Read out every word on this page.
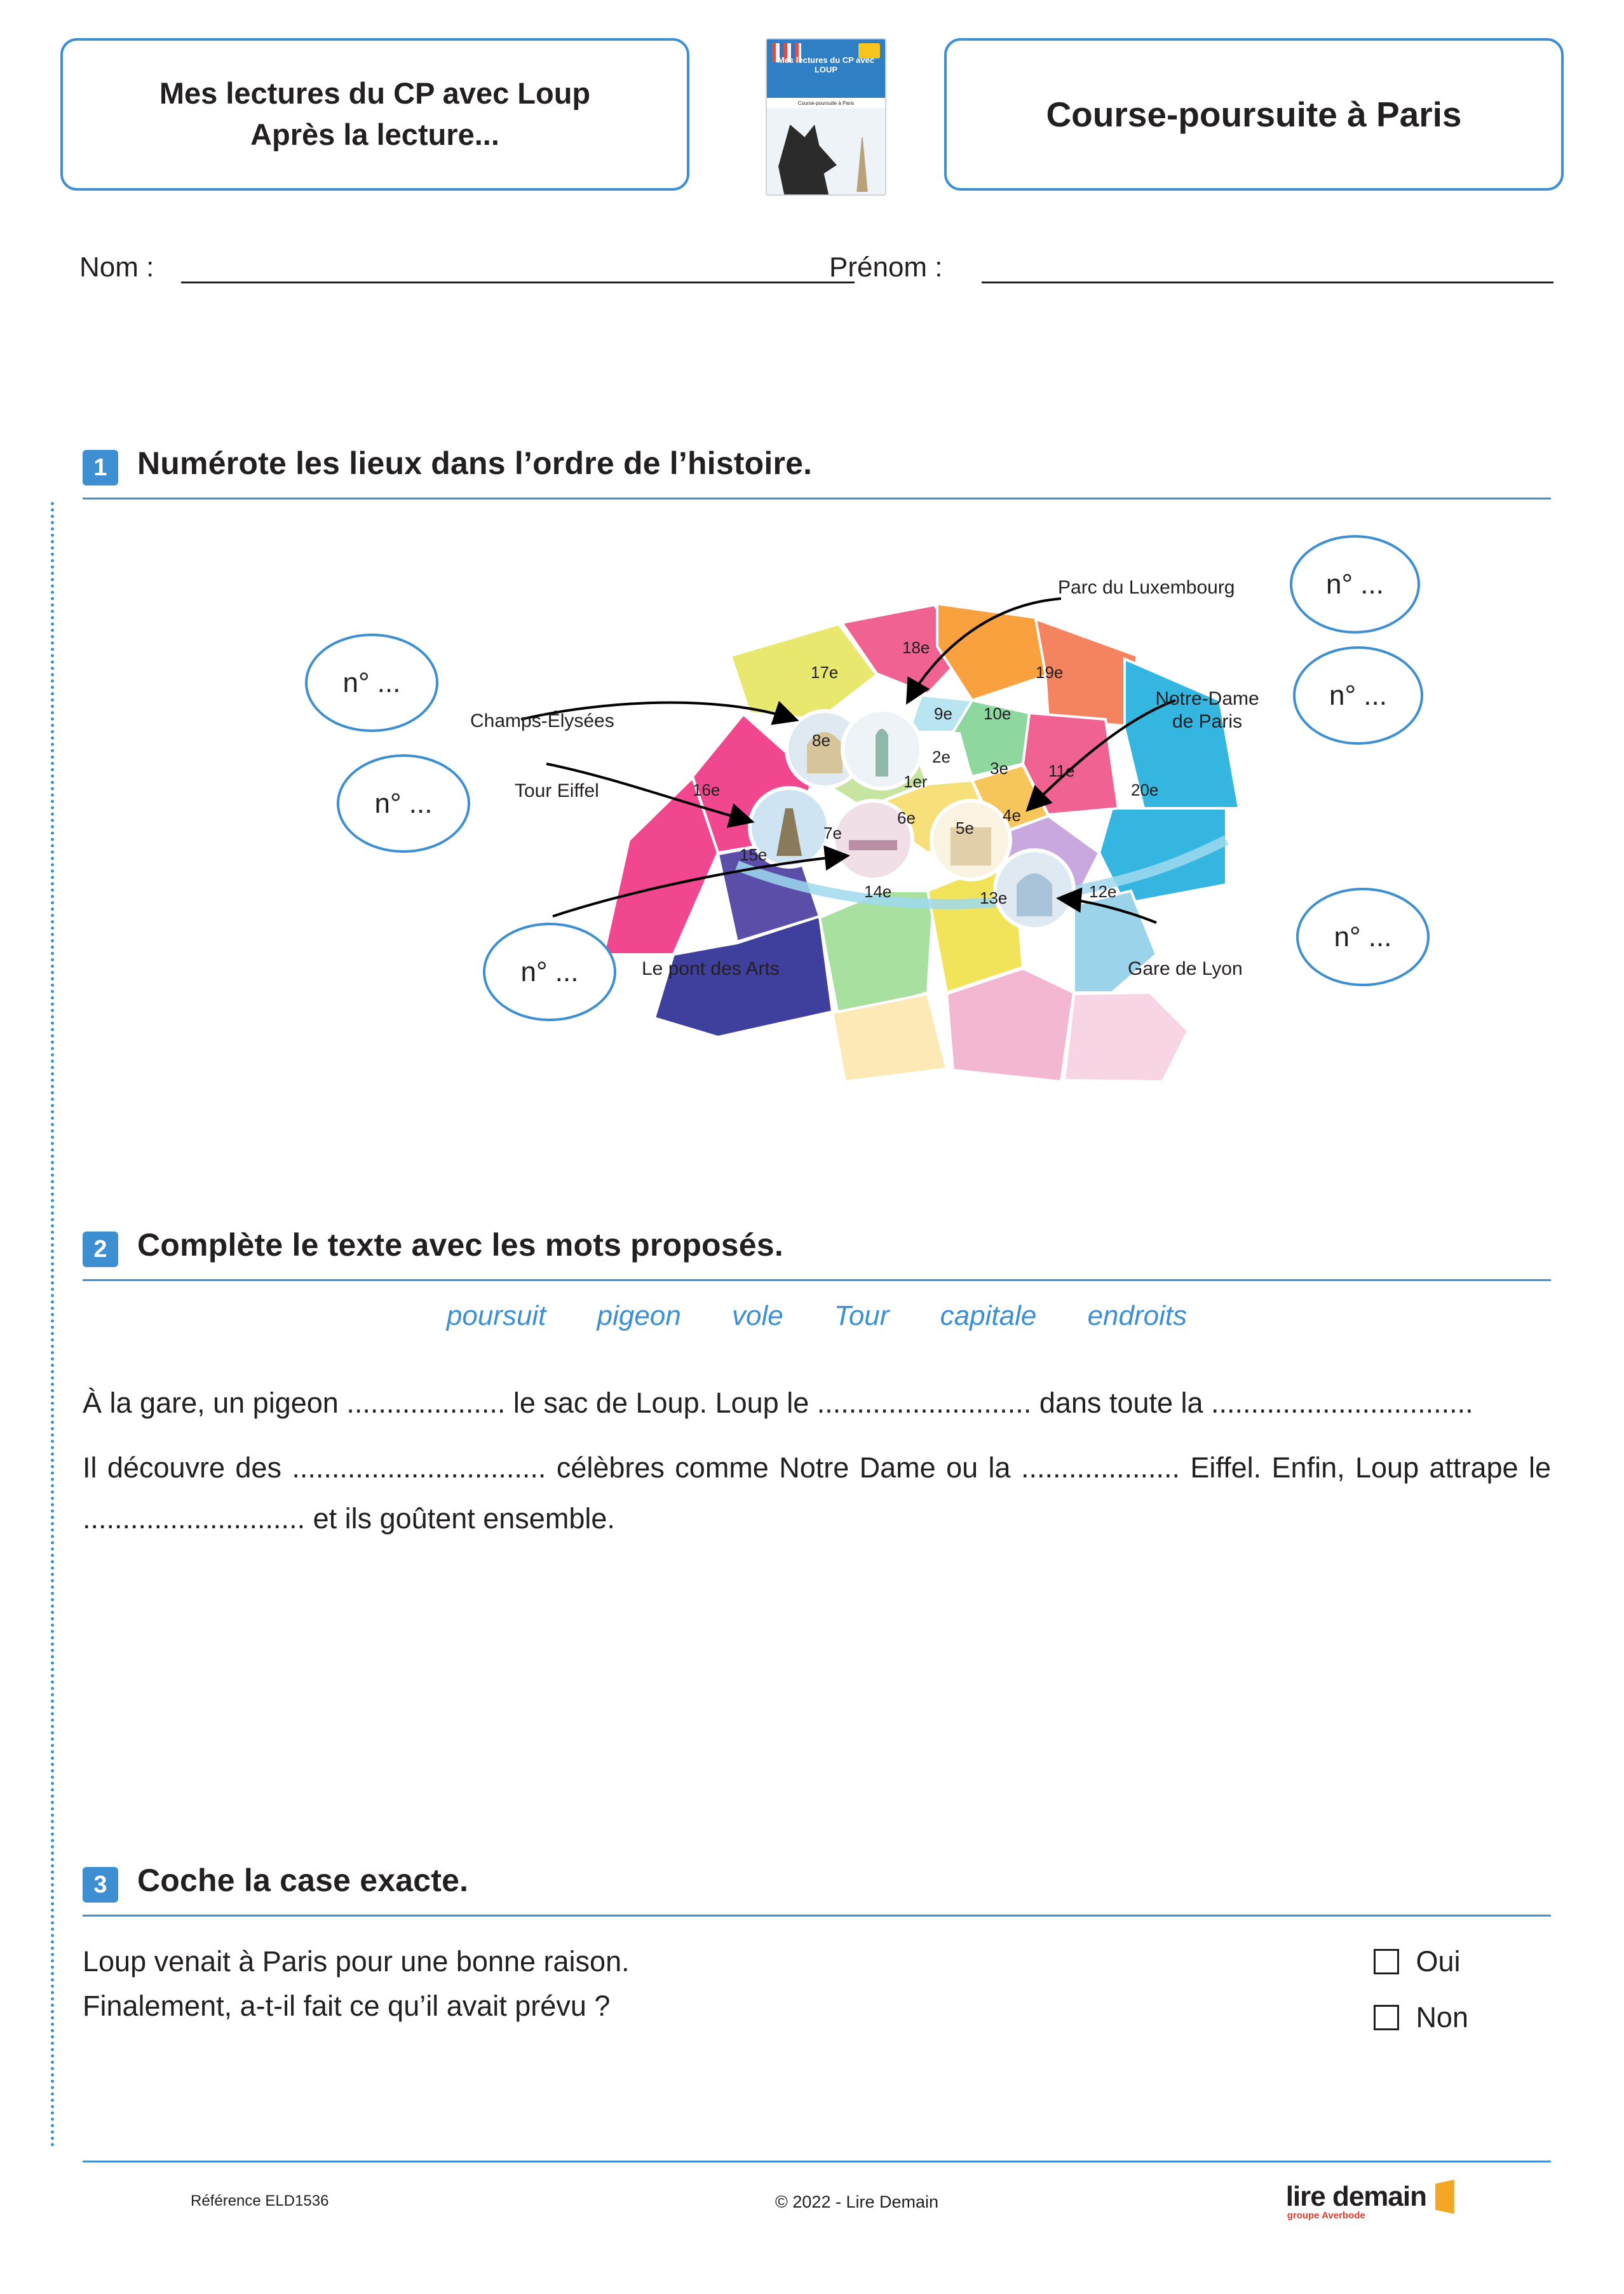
Mes lectures du CP avec Loup
Après la lecture...
Mes lectures du CP avec LOUP
Course-poursuite à Paris	Course-poursuite à Paris
Nom :	Prénom :
1 Numérote les lieux dans l’ordre de l’histoire.
1er
2e
3e
4e
5e
6e
7e
8e
9e 10e
11e
12e
13e
14e
15e
16e
17e
18e
19e
20e
n° ...
n° ...
n° ...
n° ...
n° ...
n° ...
Parc du Luxembourg
Notre-Dame
de Paris
Champs-Élysées
Tour Eiffel
Le pont des Arts	Gare de Lyon
2 Complète le texte avec les mots proposés.
poursuit pigeon vole Tour capitale endroits

À la gare, un pigeon .................... le sac de Loup. Loup le ........................... dans toute la .................................

Il découvre des ................................ célèbres comme Notre Dame ou la .................... Eiffel. Enfin, Loup attrape le ............................ et ils goûtent ensemble.

3 Coche la case exacte.
Loup venait à Paris pour une bonne raison.
Finalement, a-t-il fait ce qu’il avait prévu ?
Oui
Non
Référence ELD1536	© 2022 - Lire Demain	lire demain
groupe Averbode
